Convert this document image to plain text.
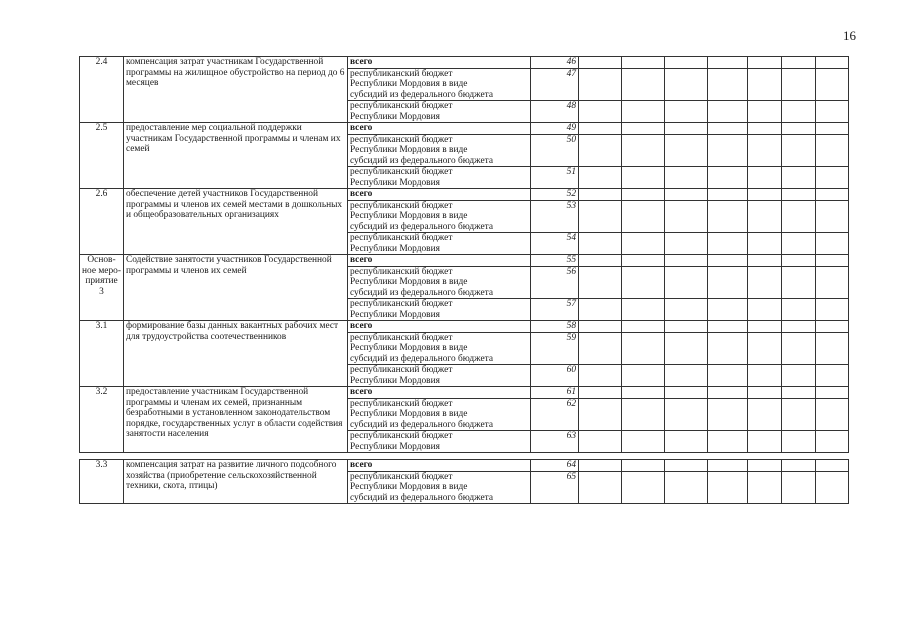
16
2.4	компенсация затрат участникам Государственной программы на жилищное обустройство на период до 6 месяцев	всего	46							

		республиканский бюджет
Республики Мордовия в виде
субсидий из федерального бюджета	47							

		республиканский бюджет
Республики Мордовия	48							
2.5	предоставление мер социальной поддержки участникам Государственной программы и членам их семей	всего	49							

		республиканский бюджет
Республики Мордовия в виде
субсидий из федерального бюджета	50							

		республиканский бюджет
Республики Мордовия	51							
2.6	обеспечение детей участников Государственной программы и членов их семей местами в дошкольных и общеобразовательных организациях	всего	52							

		республиканский бюджет
Республики Мордовия в виде
субсидий из федерального бюджета	53							

		республиканский бюджет
Республики Мордовия	54							
Основ-ное меро-приятие 3	Содействие занятости участников Государственной программы и членов их семей	всего	55							

		республиканский бюджет
Республики Мордовия в виде
субсидий из федерального бюджета	56							

		республиканский бюджет
Республики Мордовия	57							
3.1	формирование базы данных вакантных рабочих мест для трудоустройства соотечественников	всего	58							

		республиканский бюджет
Республики Мордовия в виде
субсидий из федерального бюджета	59							

		республиканский бюджет
Республики Мордовия	60							
3.2	предоставление участникам Государственной программы и членам их семей, признанным безработными в установленном законодательством порядке, государственных услуг в области содействия занятости населения	всего	61							

		республиканский бюджет
Республики Мордовия в виде
субсидий из федерального бюджета	62							

		республиканский бюджет
Республики Мордовия	63							

3.3	компенсация затрат на развитие личного подсобного хозяйства (приобретение сельскохозяйственной техники, скота, птицы)	всего	64							

		республиканский бюджет
Республики Мордовия в виде
субсидий из федерального бюджета	65							
